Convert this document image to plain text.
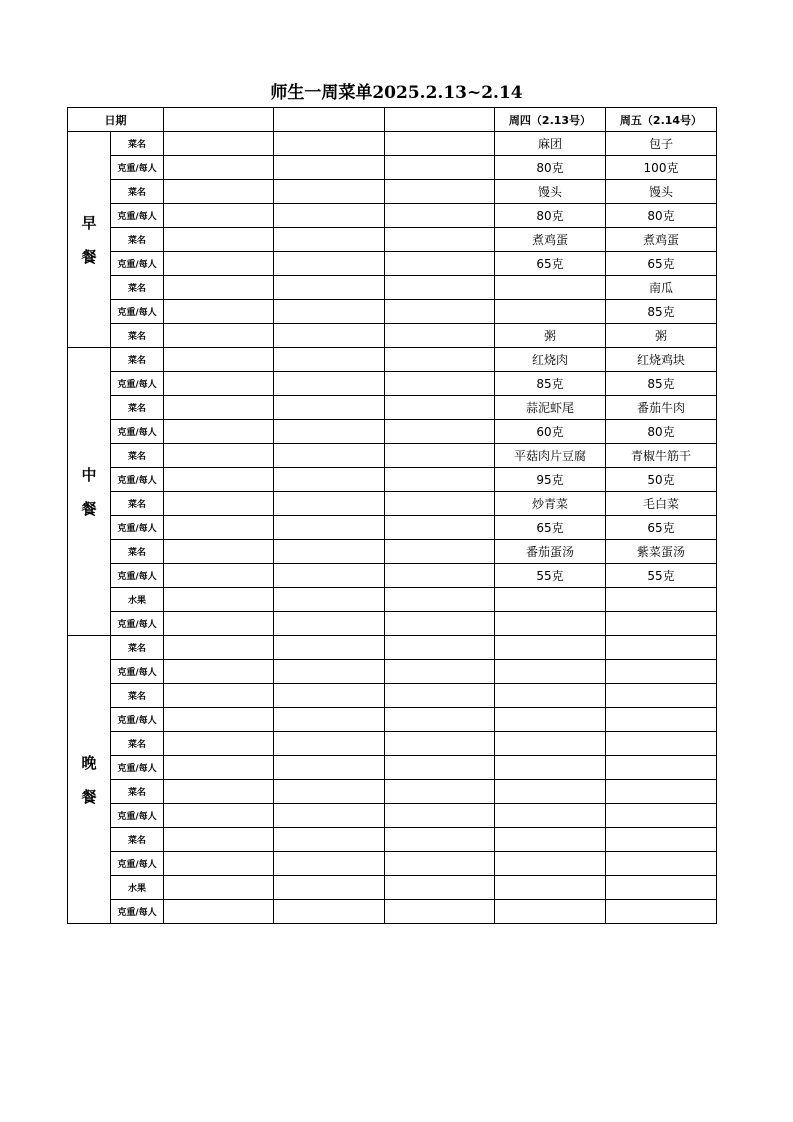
师生一周菜单2025.2.13~2.14
日期					周四（2.13号）	周五（2.14号）

早
餐	菜名				麻团	包子
	克重/每人				80克	100克
	菜名				馒头	馒头
	克重/每人				80克	80克
	菜名				煮鸡蛋	煮鸡蛋
	克重/每人				65克	65克
	菜名					南瓜
	克重/每人					85克
	菜名				粥	粥

中
餐	菜名				红烧肉	红烧鸡块
	克重/每人				85克	85克
	菜名				蒜泥虾尾	番茄牛肉
	克重/每人				60克	80克
	菜名				平菇肉片豆腐	青椒牛筋干
	克重/每人				95克	50克
	菜名				炒青菜	毛白菜
	克重/每人				65克	65克
	菜名				番茄蛋汤	紫菜蛋汤
	克重/每人				55克	55克
	水果					
	克重/每人					

晚
餐	菜名					
	克重/每人					
	菜名					
	克重/每人					
	菜名					
	克重/每人					
	菜名					
	克重/每人					
	菜名					
	克重/每人					
	水果					
	克重/每人					
